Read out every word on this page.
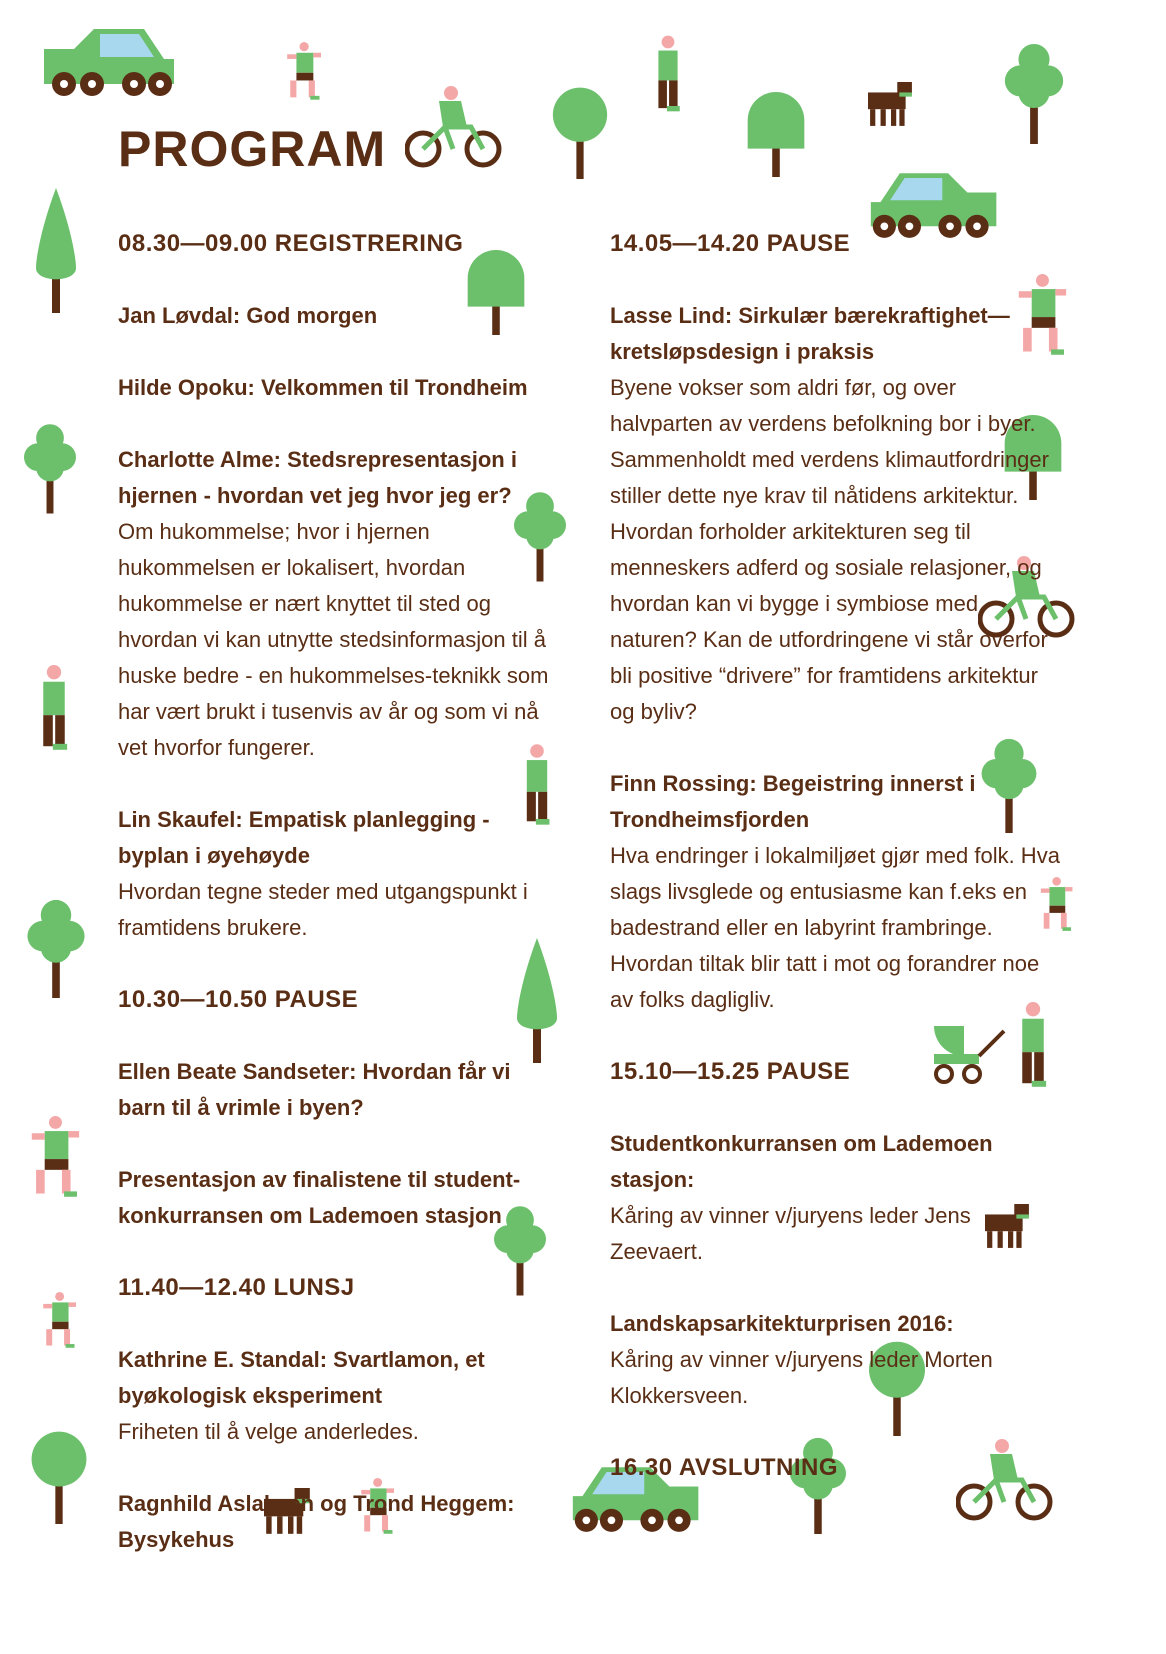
PROGRAM
08.30—09.00 REGISTRERING
Jan Løvdal: God morgen
Hilde Opoku: Velkommen til Trondheim
Charlotte Alme: Stedsrepresentasjon i hjernen - hvordan vet jeg hvor jeg er?
Om hukommelse; hvor i hjernen hukommelsen er lokalisert, hvordan hukommelse er nært knyttet til sted og hvordan vi kan utnytte stedsinformasjon til å huske bedre - en hukommelses-teknikk som har vært brukt i tusenvis av år og som vi nå vet hvorfor fungerer.
Lin Skaufel: Empatisk planlegging - byplan i øyehøyde
Hvordan tegne steder med utgangspunkt i framtidens brukere.
10.30—10.50 PAUSE
Ellen Beate Sandseter: Hvordan får vi barn til å vrimle i byen?
Presentasjon av finalistene til student-konkurransen om Lademoen stasjon
11.40—12.40 LUNSJ
Kathrine E. Standal: Svartlamon, et byøkologisk eksperiment
Friheten til å velge anderledes.
Ragnhild Aslaksen og Trond Heggem: Bysykehus
14.05—14.20 PAUSE
Lasse Lind: Sirkulær bærekraftighet—kretsløpsdesign i praksis
Byene vokser som aldri før, og over halvparten av verdens befolkning bor i byer. Sammenholdt med verdens klimautfordringer stiller dette nye krav til nåtidens arkitektur. Hvordan forholder arkitekturen seg til menneskers adferd og sosiale relasjoner, og hvordan kan vi bygge i symbiose med naturen? Kan de utfordringene vi står overfor bli positive “drivere” for framtidens arkitektur og byliv?
Finn Rossing: Begeistring innerst i Trondheimsfjorden
Hva endringer i lokalmiljøet gjør med folk. Hva slags livsglede og entusiasme kan f.eks en badestrand eller en labyrint frambringe. Hvordan tiltak blir tatt i mot og forandrer noe av folks dagligliv.
15.10—15.25 PAUSE
Studentkonkurransen om Lademoen stasjon:
Kåring av vinner v/juryens leder Jens Zeevaert.
Landskapsarkitekturprisen 2016:
Kåring av vinner v/juryens leder Morten Klokkersveen.
16.30 AVSLUTNING
